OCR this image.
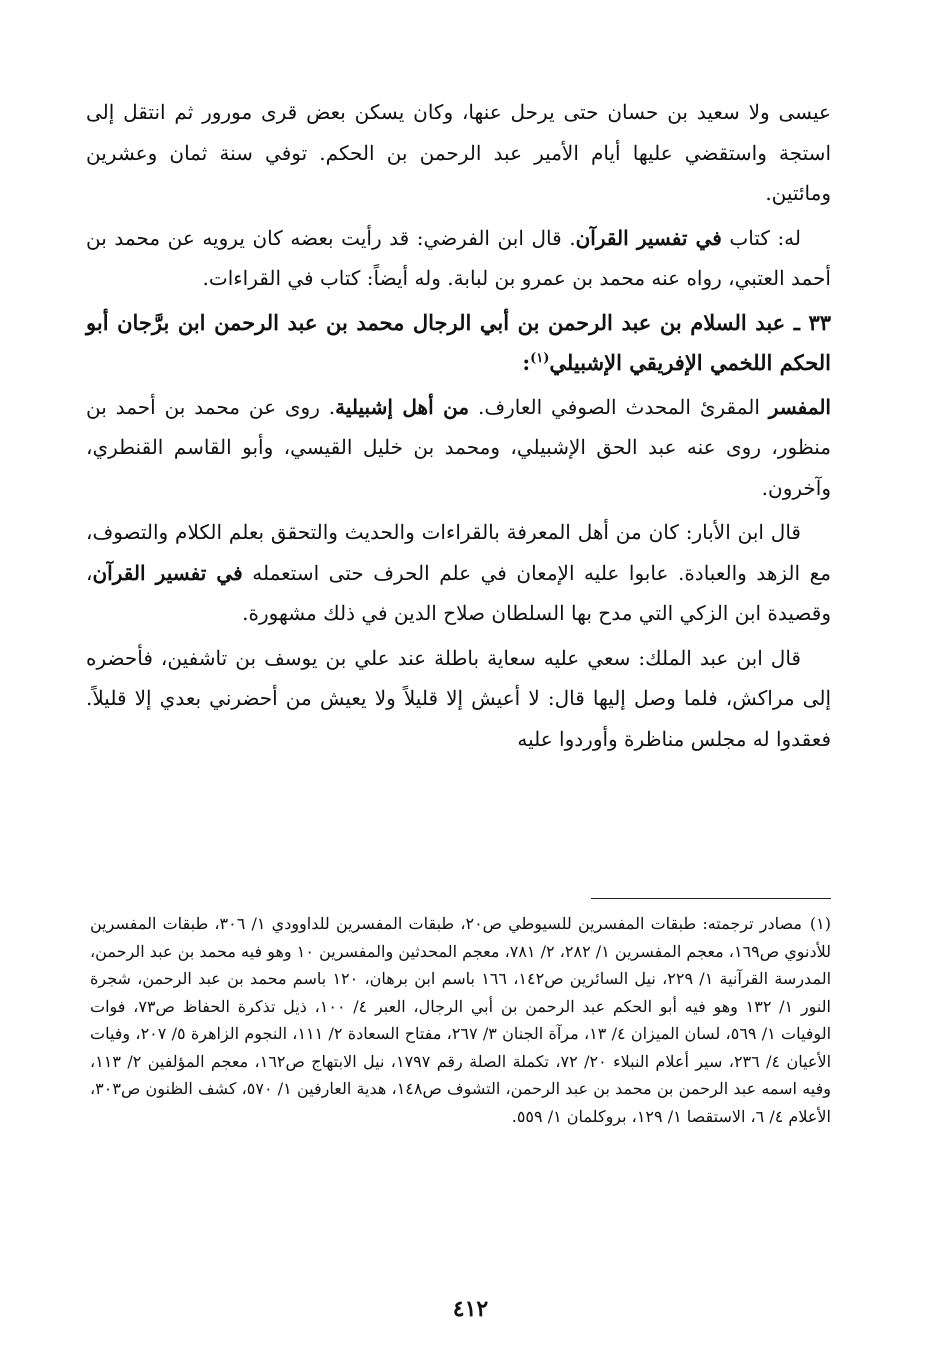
عيسى ولا سعيد بن حسان حتى يرحل عنها، وكان يسكن بعض قرى مورور ثم انتقل إلى استجة واستقضي عليها أيام الأمير عبد الرحمن بن الحكم. توفي سنة ثمان وعشرين ومائتين.

له: كتاب في تفسير القرآن. قال ابن الفرضي: قد رأيت بعضه كان يرويه عن محمد بن أحمد العتبي، رواه عنه محمد بن عمرو بن لبابة. وله أيضاً: كتاب في القراءات.

٣٣ ـ عبد السلام بن عبد الرحمن بن أبي الرجال محمد بن عبد الرحمن ابن برَّجان أبو الحكم اللخمي الإفريقي الإشبيلي$^{(١)}$:

المفسر المقرئ المحدث الصوفي العارف. من أهل إشبيلية. روى عن محمد بن أحمد بن منظور، روى عنه عبد الحق الإشبيلي، ومحمد بن خليل القيسي، وأبو القاسم القنطري، وآخرون.

قال ابن الأبار: كان من أهل المعرفة بالقراءات والحديث والتحقق بعلم الكلام والتصوف، مع الزهد والعبادة. عابوا عليه الإمعان في علم الحرف حتى استعمله في تفسير القرآن، وقصيدة ابن الزكي التي مدح بها السلطان صلاح الدين في ذلك مشهورة.

قال ابن عبد الملك: سعي عليه سعاية باطلة عند علي بن يوسف بن تاشفين، فأحضره إلى مراكش، فلما وصل إليها قال: لا أعيش إلا قليلاً ولا يعيش من أحضرني بعدي إلا قليلاً. فعقدوا له مجلس مناظرة وأوردوا عليه

(١)مصادر ترجمته: طبقات المفسرين للسيوطي ص٢٠، طبقات المفسرين للداوودي ١/ ٣٠٦، طبقات المفسرين للأدنوي ص١٦٩، معجم المفسرين ١/ ٢٨٢، ٢/ ٧٨١، معجم المحدثين والمفسرين ١٠ وهو فيه محمد بن عبد الرحمن، المدرسة القرآنية ١/ ٢٢٩، نيل السائرين ص١٤٢، ١٦٦ باسم ابن برهان، ١٢٠ باسم محمد بن عبد الرحمن، شجرة النور ١/ ١٣٢ وهو فيه أبو الحكم عبد الرحمن بن أبي الرجال، العبر ٤/ ١٠٠، ذيل تذكرة الحفاظ ص٧٣، فوات الوفيات ١/ ٥٦٩، لسان الميزان ٤/ ١٣، مرآة الجنان ٣/ ٢٦٧، مفتاح السعادة ٢/ ١١١، النجوم الزاهرة ٥/ ٢٠٧، وفيات الأعيان ٤/ ٢٣٦، سير أعلام النبلاء ٢٠/ ٧٢، تكملة الصلة رقم ١٧٩٧، نيل الابتهاج ص١٦٢، معجم المؤلفين ٢/ ١١٣، وفيه اسمه عبد الرحمن بن محمد بن عبد الرحمن، التشوف ص١٤٨، هدية العارفين ١/ ٥٧٠، كشف الظنون ص٣٠٣، الأعلام ٤/ ٦، الاستقصا ١/ ١٢٩، بروكلمان ١/ ٥٥٩.

٤١٢
